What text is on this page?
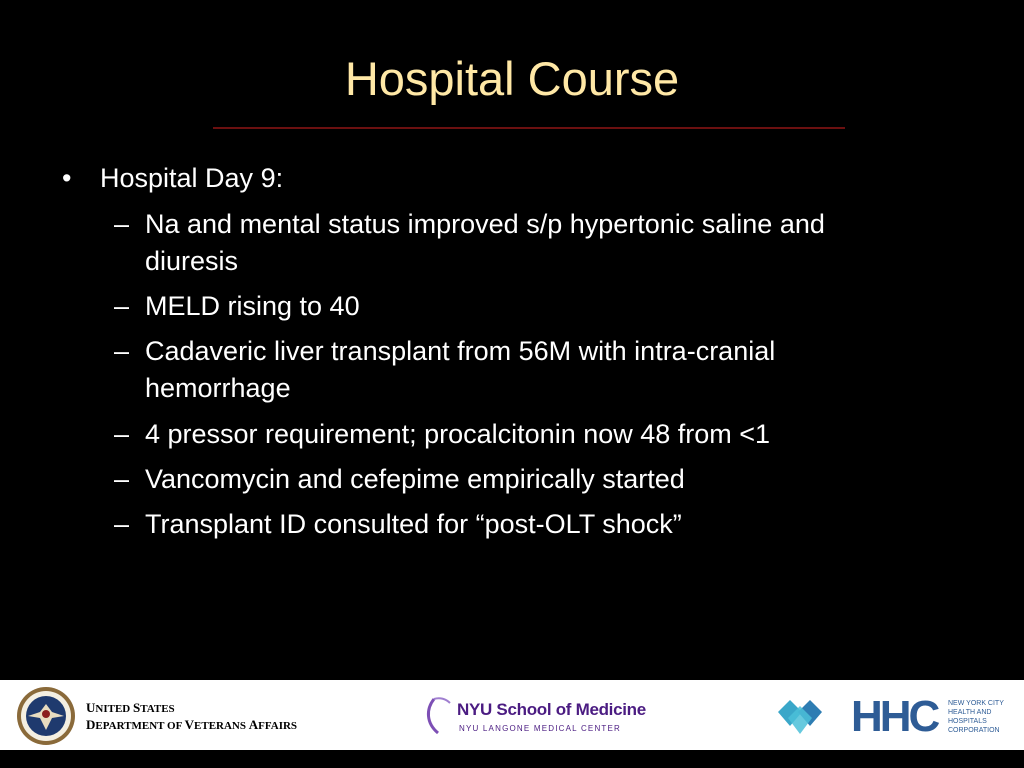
Hospital Course
• Hospital Day 9:
– Na and mental status improved s/p hypertonic saline and
diuresis
– MELD rising to 40
– Cadaveric liver transplant from 56M with intra-cranial
hemorrhage
– 4 pressor requirement; procalcitonin now 48 from <1
– Vancomycin and cefepime empirically started
– Transplant ID consulted for “post-OLT shock”
UNITED STATES
DEPARTMENT OF VETERANS AFFAIRS
NYU School of Medicine
NYU LANGONE MEDICAL CENTER	HHC NEW YORK CITY
HEALTH AND
HOSPITALS
CORPORATION
